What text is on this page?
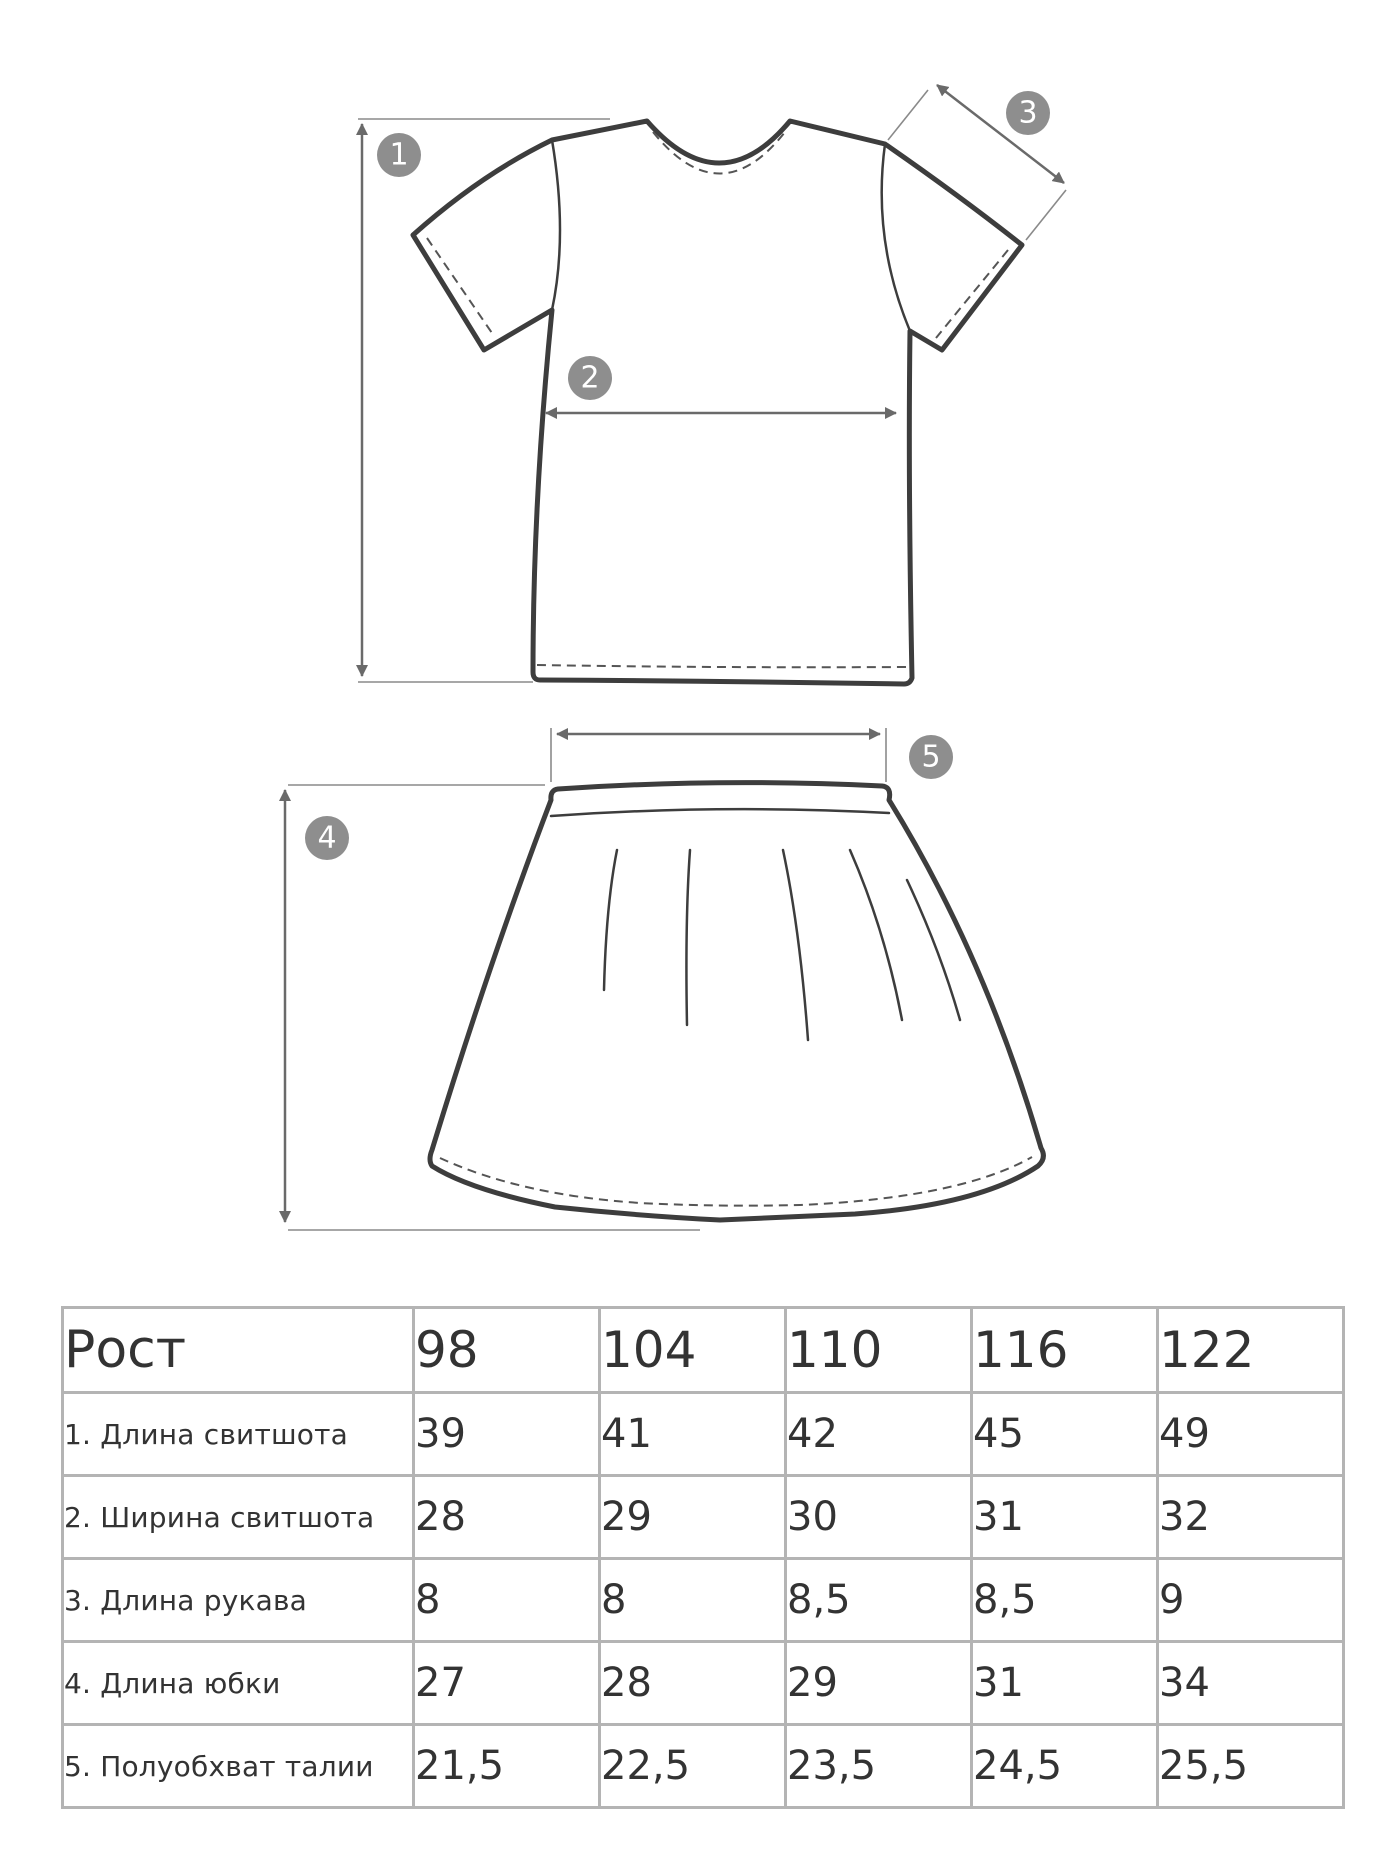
1
2
3
4
5
Рост	98	104	110	116	122
1. Длина свитшота	39	41	42	45	49
2. Ширина свитшота	28	29	30	31	32
3. Длина рукава	8	8	8,5	8,5	9
4. Длина юбки	27	28	29	31	34
5. Полуобхват талии	21,5	22,5	23,5	24,5	25,5
